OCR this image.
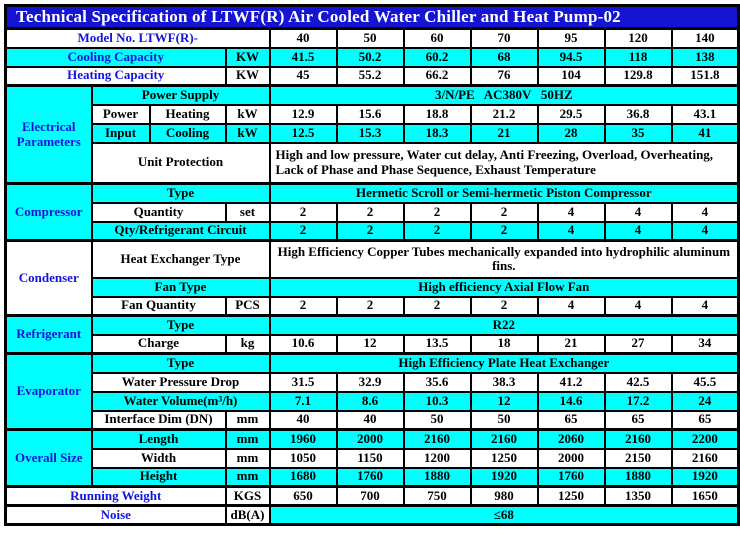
Technical Specification of LTWF(R) Air Cooled Water Chiller and Heat Pump-02										
Model No. LTWF(R)-				40	50	60	70	95	120	140
Cooling Capacity			KW	41.5	50.2	60.2	68	94.5	118	138
Heating Capacity			KW	45	55.2	66.2	76	104	129.8	151.8
Electrical Parameters	Power Supply			3/N/PE   AC380V   50HZ						
	Power	Heating	kW	12.9	15.6	18.8	21.2	29.5	36.8	43.1
	Input	Cooling	kW	12.5	15.3	18.3	21	28	35	41
	Unit Protection			High and low pressure, Water cut delay, Anti Freezing, Overload, Overheating, Lack of Phase and Phase Sequence, Exhaust Temperature						
Compressor	Type			Hermetic Scroll or Semi-hermetic Piston Compressor						
	Quantity		set	2	2	2	2	4	4	4
	Qty/Refrigerant Circuit			2	2	2	2	4	4	4
Condenser	Heat Exchanger Type			High Efficiency Copper Tubes mechanically expanded into hydrophilic aluminum fins.						
	Fan Type			High efficiency Axial Flow Fan						
	Fan Quantity		PCS	2	2	2	2	4	4	4
Refrigerant	Type			R22						
	Charge		kg	10.6	12	13.5	18	21	27	34
Evaporator	Type			High Efficiency Plate Heat Exchanger						
	Water Pressure Drop			31.5	32.9	35.6	38.3	41.2	42.5	45.5
	Water Volume(m³/h)			7.1	8.6	10.3	12	14.6	17.2	24
	Interface Dim (DN)		mm	40	40	50	50	65	65	65
Overall Size	Length		mm	1960	2000	2160	2160	2060	2160	2200
	Width		mm	1050	1150	1200	1250	2000	2150	2160
	Height		mm	1680	1760	1880	1920	1760	1880	1920
Running Weight			KGS	650	700	750	980	1250	1350	1650
Noise			dB(A)	≤68						
